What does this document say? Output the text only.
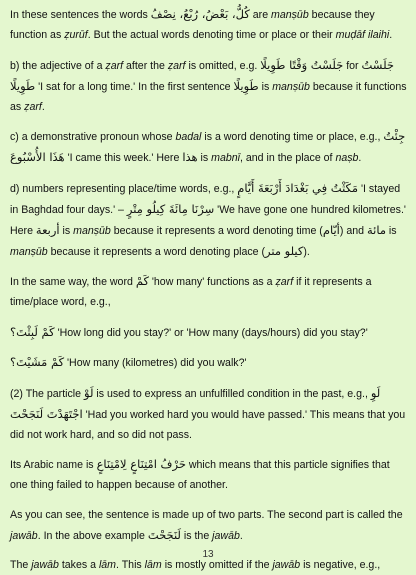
In these sentences the words كُلُّ، بَعْضُ، رُبْعُ، نِصْفُ are manṣūb because they function as ẓurūf. But the actual words denoting time or place or their muḍāf ilaihi.

b) the adjective of a ẓarf after the ẓarf is omitted, e.g. جَلَسْتُ وَقْتًا طَوِيلًا for جَلَسْتُ طَوِيلًا 'I sat for a long time.' In the first sentence طَوِيلًا is manṣūb because it functions as ẓarf.

c) a demonstrative pronoun whose badal is a word denoting time or place, e.g., جِئْتُ هَذَا الأُسْبُوعَ 'I came this week.' Here هذا is mabnī, and in the place of naṣb.

d) numbers representing place/time words, e.g., مَكَثْتُ فِي بَغْدَادَ أَرْبَعَةَ أَيَّامٍ 'I stayed in Baghdad four days.' – سِرْنَا مِائَةَ كِيلُو مِتْرٍ 'We have gone one hundred kilometres.' Here أربعة is manṣūb because it represents a word denoting time (أيّام) and مائة is manṣūb because it represents a word denoting place (كيلو متر).

In the same way, the word كَمْ 'how many' functions as a ẓarf if it represents a time/place word, e.g.,

كَمْ لَبِثْتَ؟ 'How long did you stay?' or 'How many (days/hours) did you stay?'

كَمْ مَشَيْتَ؟ 'How many (kilometres) did you walk?'

(2) The particle لَوْ is used to express an unfulfilled condition in the past, e.g., لَوِ اجْتَهَدْتَ لَنَجَحْتَ 'Had you worked hard you would have passed.' This means that you did not work hard, and so did not pass.

Its Arabic name is حَرْفُ امْتِنَاعٍ لِامْتِنَاعٍ which means that this particle signifies that one thing failed to happen because of another.

As you can see, the sentence is made up of two parts. The second part is called the jawāb. In the above example لَنَجَحْتَ is the jawāb.

The jawāb takes a lām. This lām is mostly omitted if the jawāb is negative, e.g.,

13
